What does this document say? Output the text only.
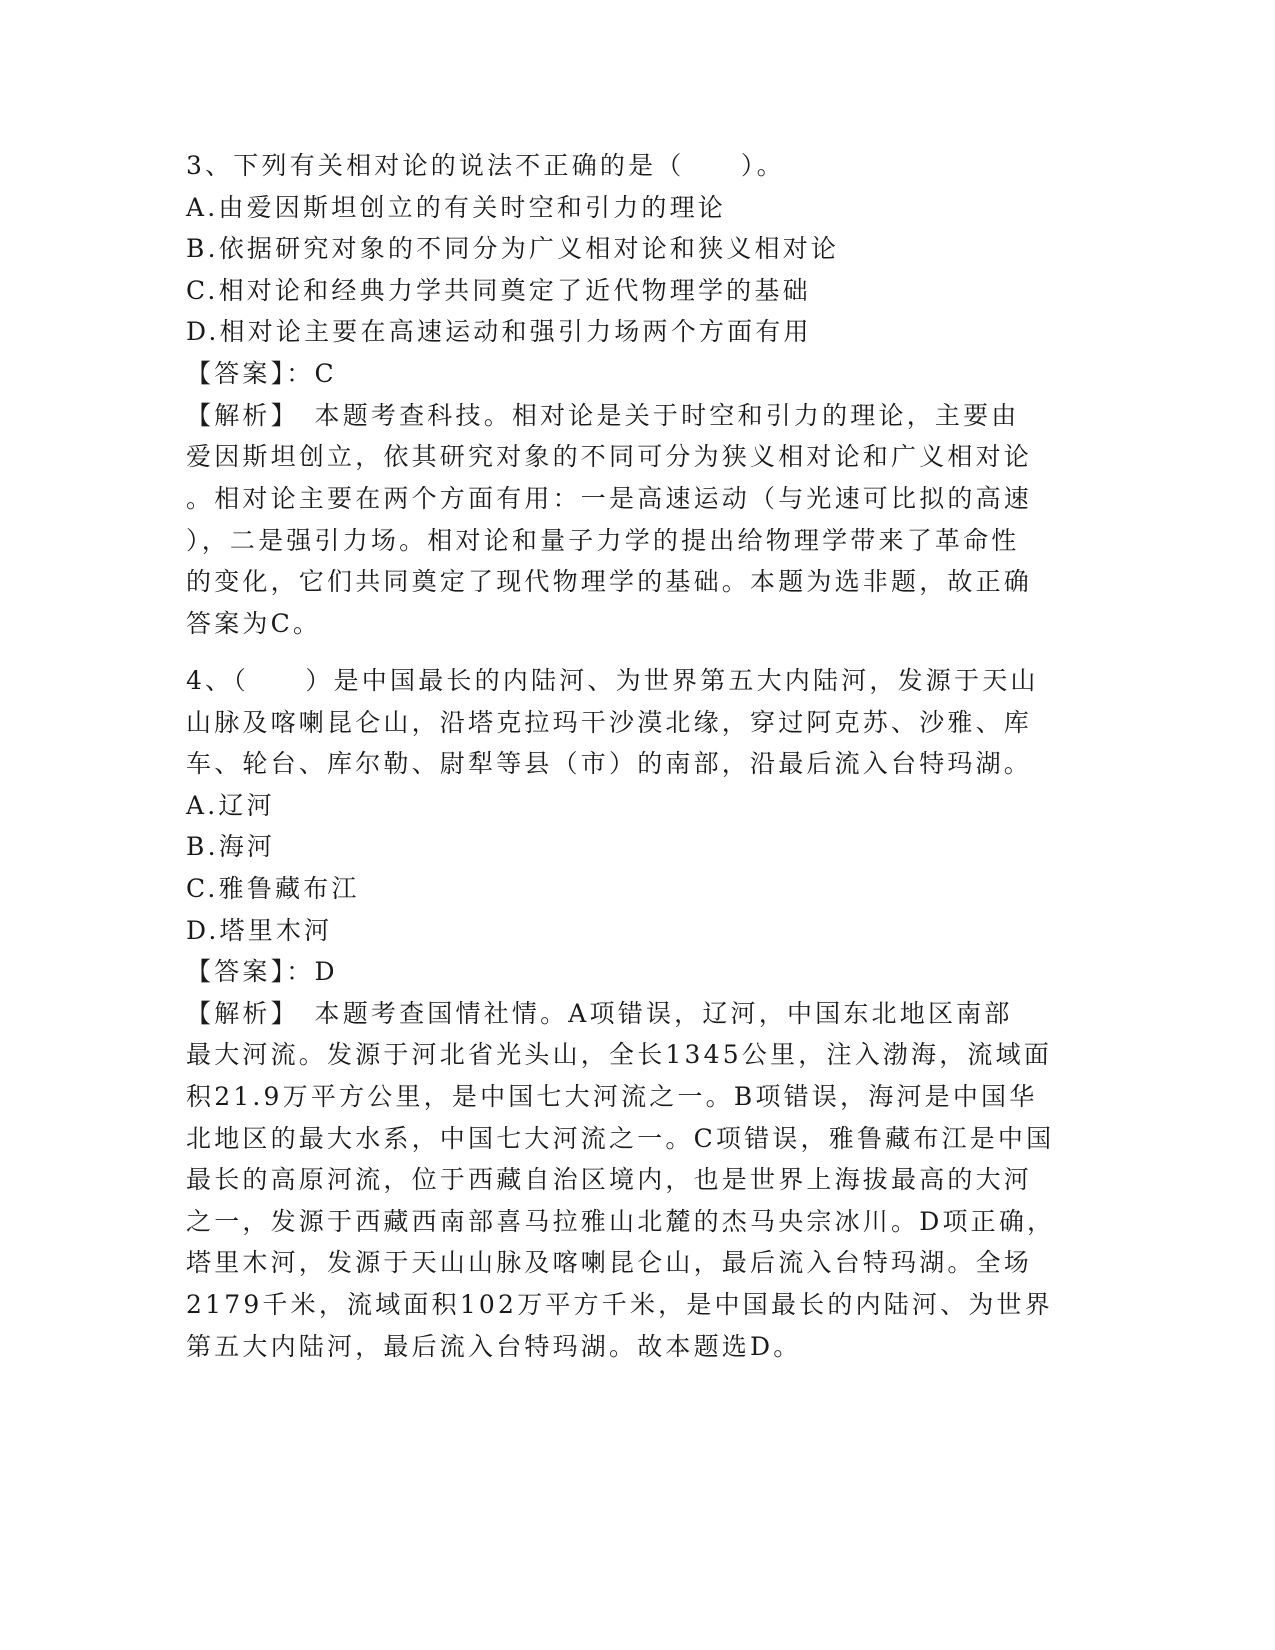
3、下列有关相对论的说法不正确的是（　　）。
A.由爱因斯坦创立的有关时空和引力的理论
B.依据研究对象的不同分为广义相对论和狭义相对论
C.相对论和经典力学共同奠定了近代物理学的基础
D.相对论主要在高速运动和强引力场两个方面有用
【答案】：C
【解析】　本题考查科技。相对论是关于时空和引力的理论，主要由
爱因斯坦创立，依其研究对象的不同可分为狭义相对论和广义相对论
。相对论主要在两个方面有用：一是高速运动（与光速可比拟的高速
），二是强引力场。相对论和量子力学的提出给物理学带来了革命性
的变化，它们共同奠定了现代物理学的基础。本题为选非题，故正确
答案为C。
4、（　　）是中国最长的内陆河、为世界第五大内陆河，发源于天山
山脉及喀喇昆仑山，沿塔克拉玛干沙漠北缘，穿过阿克苏、沙雅、库
车、轮台、库尔勒、尉犁等县（市）的南部，沿最后流入台特玛湖。
A.辽河
B.海河
C.雅鲁藏布江
D.塔里木河
【答案】：D
【解析】　本题考查国情社情。A项错误，辽河，中国东北地区南部
最大河流。发源于河北省光头山，全长1345公里，注入渤海，流域面
积21.9万平方公里，是中国七大河流之一。B项错误，海河是中国华
北地区的最大水系，中国七大河流之一。C项错误，雅鲁藏布江是中国
最长的高原河流，位于西藏自治区境内，也是世界上海拔最高的大河
之一，发源于西藏西南部喜马拉雅山北麓的杰马央宗冰川。D项正确，
塔里木河，发源于天山山脉及喀喇昆仑山，最后流入台特玛湖。全场
2179千米，流域面积102万平方千米，是中国最长的内陆河、为世界
第五大内陆河，最后流入台特玛湖。故本题选D。
